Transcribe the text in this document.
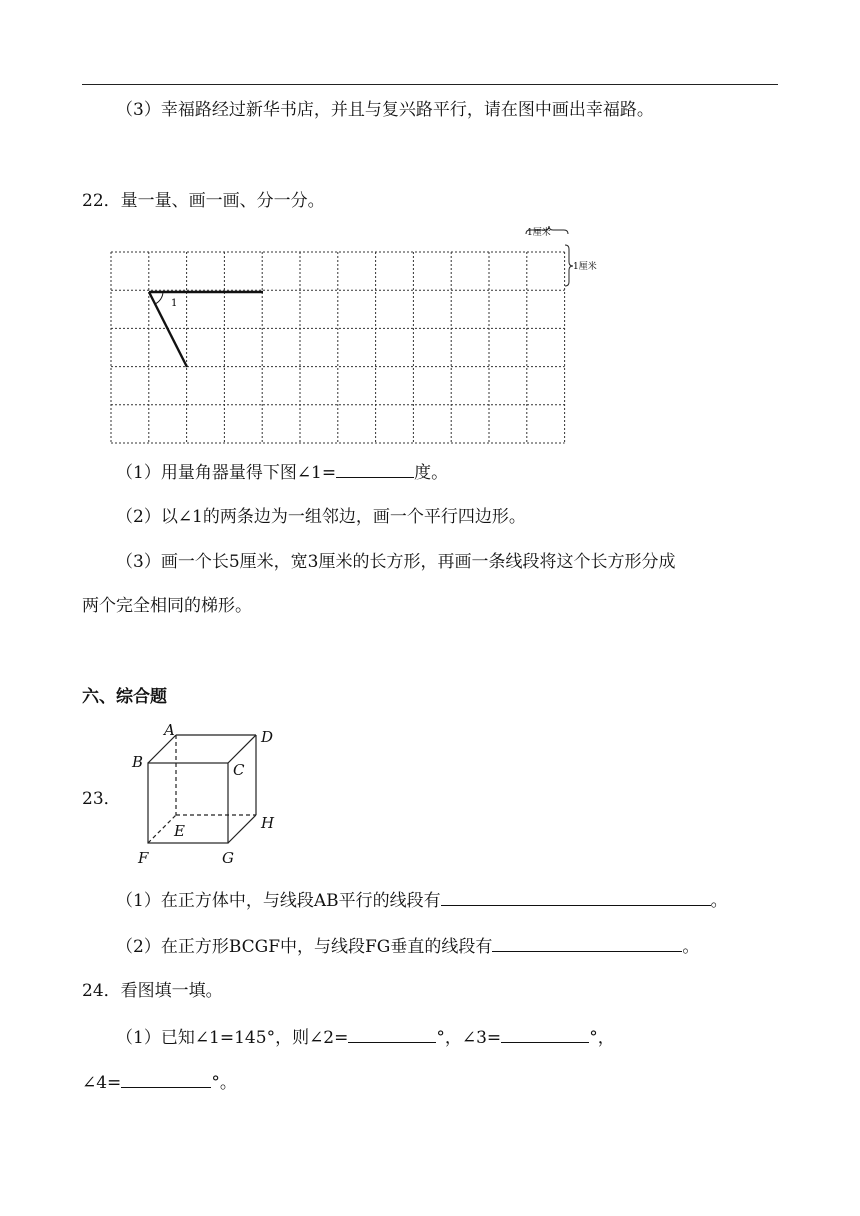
（3）幸福路经过新华书店，并且与复兴路平行，请在图中画出幸福路。
22．量一量、画一画、分一分。
1厘米
1厘米
1
（1）用量角器量得下图∠1=	度。
（2）以∠1的两条边为一组邻边，画一个平行四边形。
（3）画一个长5厘米，宽3厘米的长方形，再画一条线段将这个长方形分成
两个完全相同的梯形。
六、综合题
23．
A
B	C
D
E
F	G
H
（1）在正方体中，与线段AB平行的线段有	。
（2）在正方形BCGF中，与线段FG垂直的线段有	。
24．看图填一填。
（1）已知∠1=145°，则∠2=	°，∠3=	°，
∠4=	°。
